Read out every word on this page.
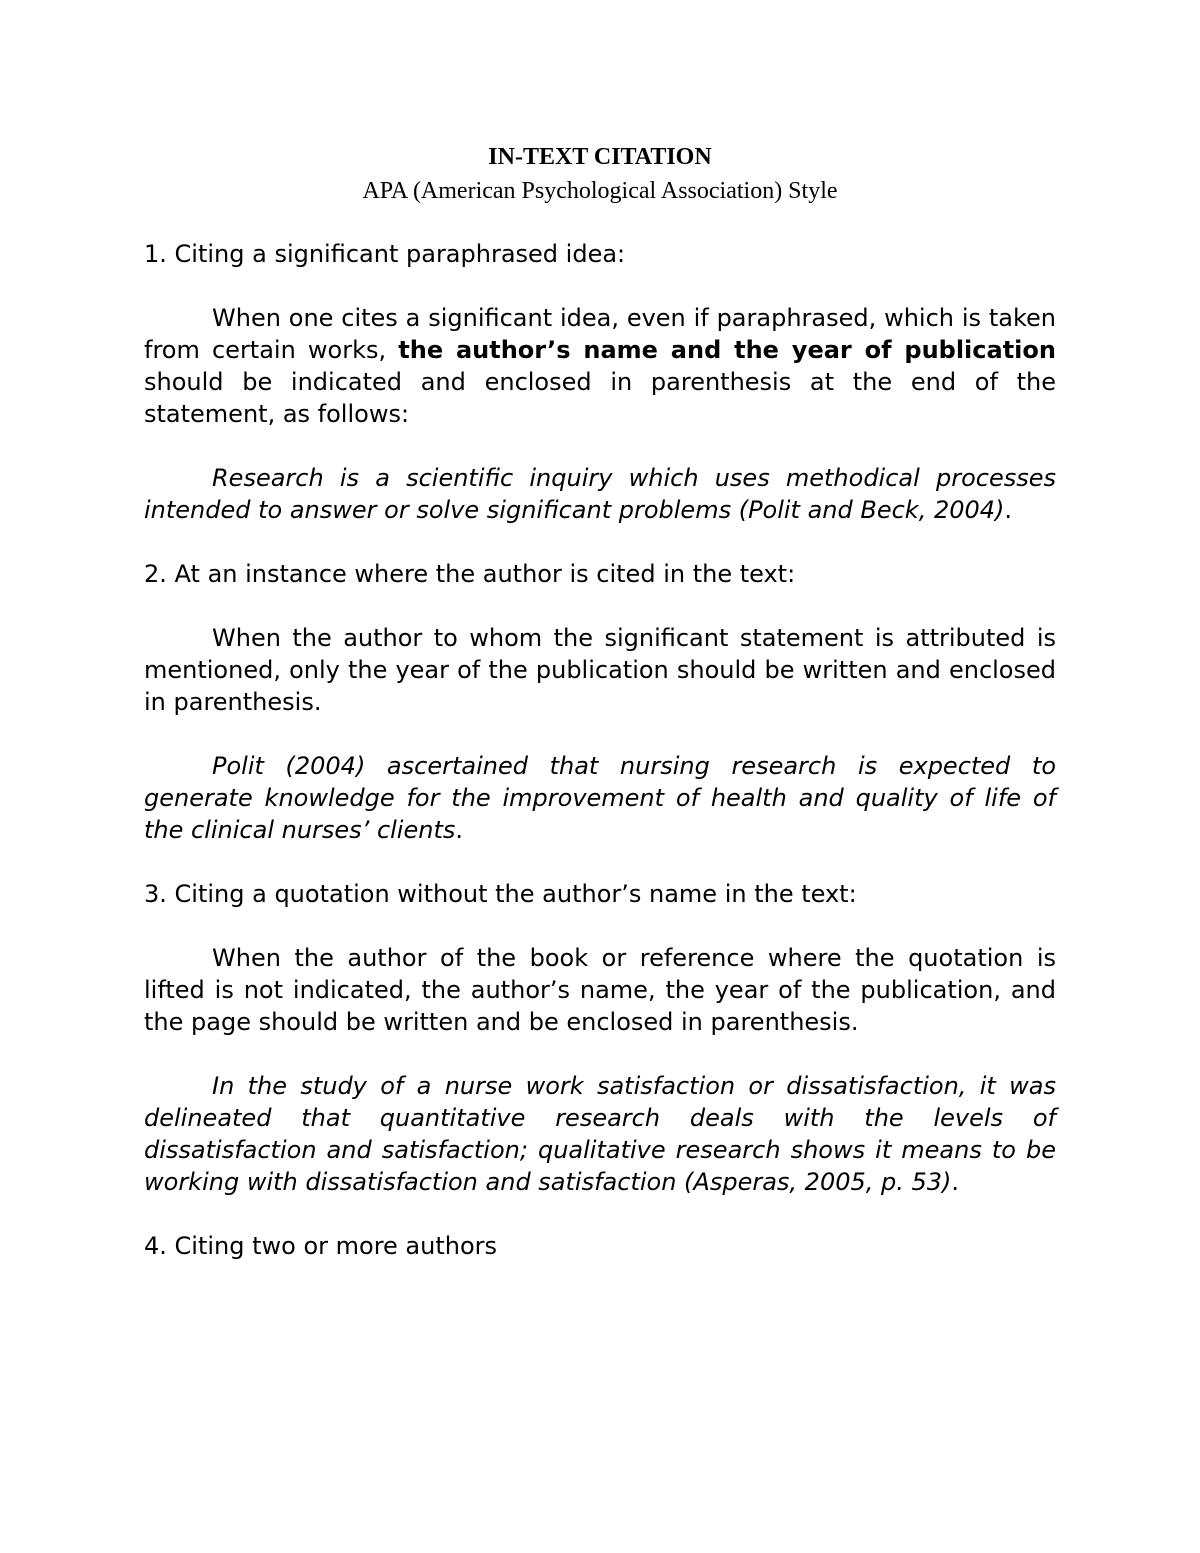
IN-TEXT CITATION

APA (American Psychological Association) Style

1. Citing a significant paraphrased idea:

When one cites a significant idea, even if paraphrased, which is taken from certain works, the author’s name and the year of publication should be indicated and enclosed in parenthesis at the end of the statement, as follows:

Research is a scientific inquiry which uses methodical processes intended to answer or solve significant problems (Polit and Beck, 2004).

2. At an instance where the author is cited in the text:

When the author to whom the significant statement is attributed is mentioned, only the year of the publication should be written and enclosed in parenthesis.

Polit (2004) ascertained that nursing research is expected to generate knowledge for the improvement of health and quality of life of the clinical nurses’ clients.

3. Citing a quotation without the author’s name in the text:

When the author of the book or reference where the quotation is lifted is not indicated, the author’s name, the year of the publication, and the page should be written and be enclosed in parenthesis.

In the study of a nurse work satisfaction or dissatisfaction, it was delineated that quantitative research deals with the levels of dissatisfaction and satisfaction; qualitative research shows it means to be working with dissatisfaction and satisfaction (Asperas, 2005, p. 53).

4. Citing two or more authors
